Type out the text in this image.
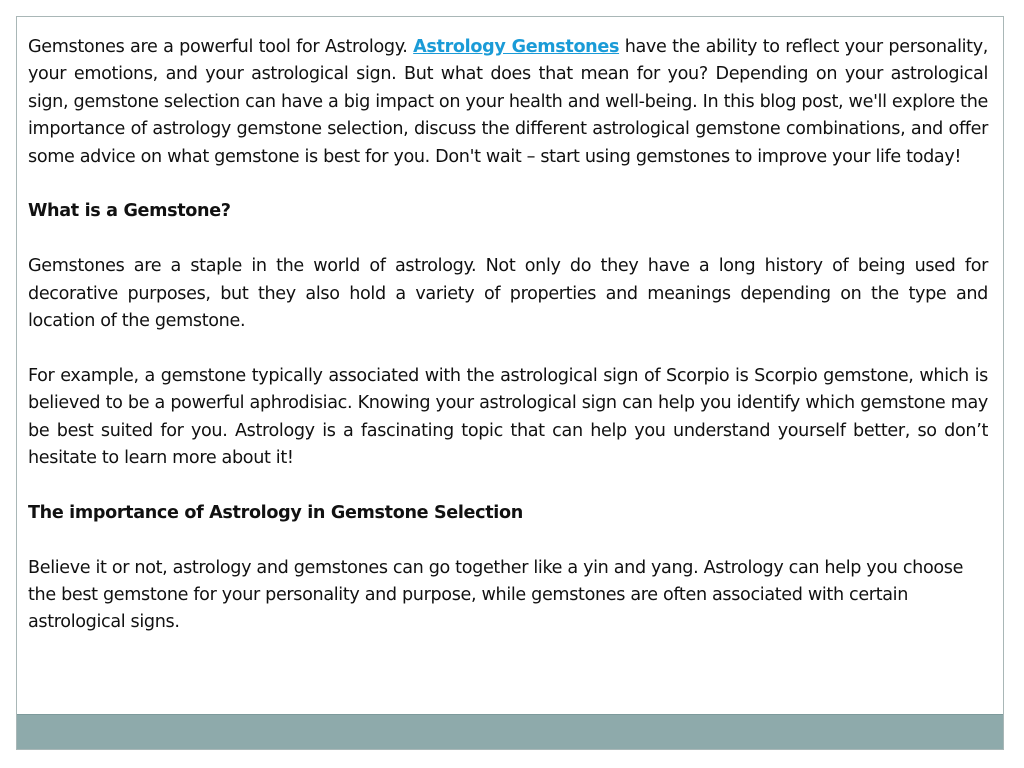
Gemstones are a powerful tool for Astrology. Astrology Gemstones have the ability to reflect your personality, your emotions, and your astrological sign. But what does that mean for you? Depending on your astrological sign, gemstone selection can have a big impact on your health and well-being. In this blog post, we'll explore the importance of astrology gemstone selection, discuss the different astrological gemstone combinations, and offer some advice on what gemstone is best for you. Don't wait – start using gemstones to improve your life today!

What is a Gemstone?

Gemstones are a staple in the world of astrology. Not only do they have a long history of being used for decorative purposes, but they also hold a variety of properties and meanings depending on the type and location of the gemstone.

For example, a gemstone typically associated with the astrological sign of Scorpio is Scorpio gemstone, which is believed to be a powerful aphrodisiac. Knowing your astrological sign can help you identify which gemstone may be best suited for you. Astrology is a fascinating topic that can help you understand yourself better, so don’t hesitate to learn more about it!

The importance of Astrology in Gemstone Selection

Believe it or not, astrology and gemstones can go together like a yin and yang. Astrology can help you choose the best gemstone for your personality and purpose, while gemstones are often associated with certain astrological signs.
